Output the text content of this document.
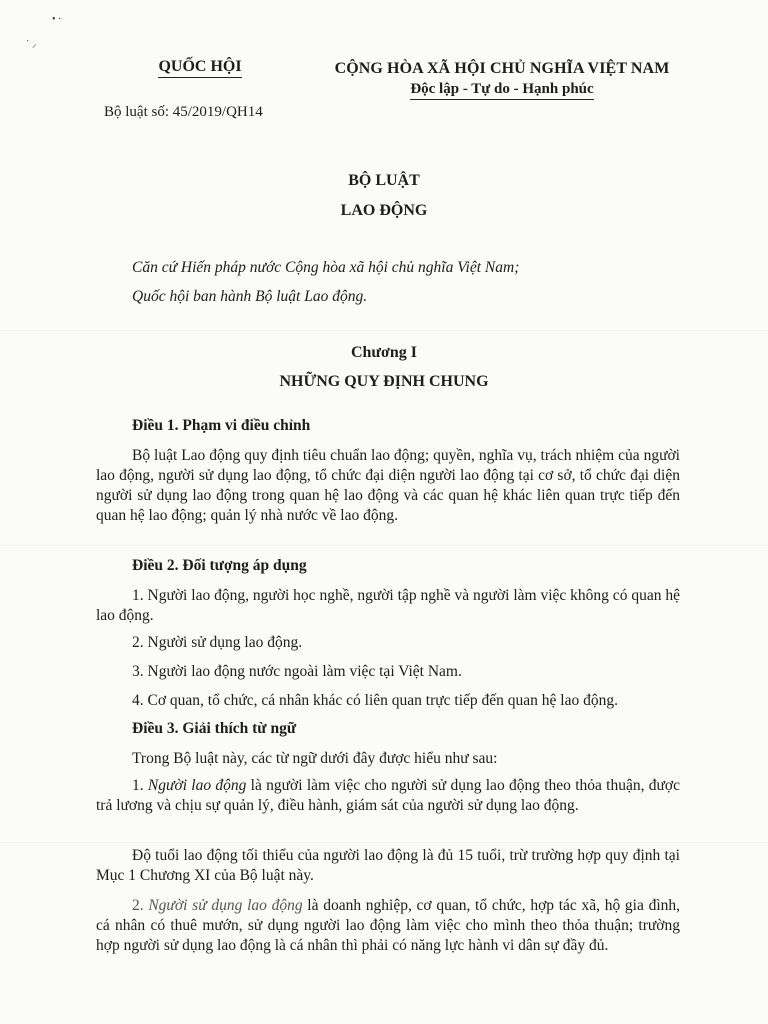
• ·
˙ ⸝
QUỐC HỘI
Bộ luật số: 45/2019/QH14
CỘNG HÒA XÃ HỘI CHỦ NGHĨA VIỆT NAM
Độc lập - Tự do - Hạnh phúc
BỘ LUẬT
LAO ĐỘNG
Căn cứ Hiến pháp nước Cộng hòa xã hội chủ nghĩa Việt Nam;
Quốc hội ban hành Bộ luật Lao động.
Chương I
NHỮNG QUY ĐỊNH CHUNG
Điều 1. Phạm vi điều chỉnh
Bộ luật Lao động quy định tiêu chuẩn lao động; quyền, nghĩa vụ, trách nhiệm của người lao động, người sử dụng lao động, tổ chức đại diện người lao động tại cơ sở, tổ chức đại diện người sử dụng lao động trong quan hệ lao động và các quan hệ khác liên quan trực tiếp đến quan hệ lao động; quản lý nhà nước về lao động.
Điều 2. Đối tượng áp dụng
1. Người lao động, người học nghề, người tập nghề và người làm việc không có quan hệ lao động.
2. Người sử dụng lao động.
3. Người lao động nước ngoài làm việc tại Việt Nam.
4. Cơ quan, tổ chức, cá nhân khác có liên quan trực tiếp đến quan hệ lao động.
Điều 3. Giải thích từ ngữ
Trong Bộ luật này, các từ ngữ dưới đây được hiểu như sau:
1. Người lao động là người làm việc cho người sử dụng lao động theo thỏa thuận, được trả lương và chịu sự quản lý, điều hành, giám sát của người sử dụng lao động.
Độ tuổi lao động tối thiểu của người lao động là đủ 15 tuổi, trừ trường hợp quy định tại Mục 1 Chương XI của Bộ luật này.
2. Người sử dụng lao động là doanh nghiệp, cơ quan, tổ chức, hợp tác xã, hộ gia đình, cá nhân có thuê mướn, sử dụng người lao động làm việc cho mình theo thỏa thuận; trường hợp người sử dụng lao động là cá nhân thì phải có năng lực hành vi dân sự đầy đủ.
